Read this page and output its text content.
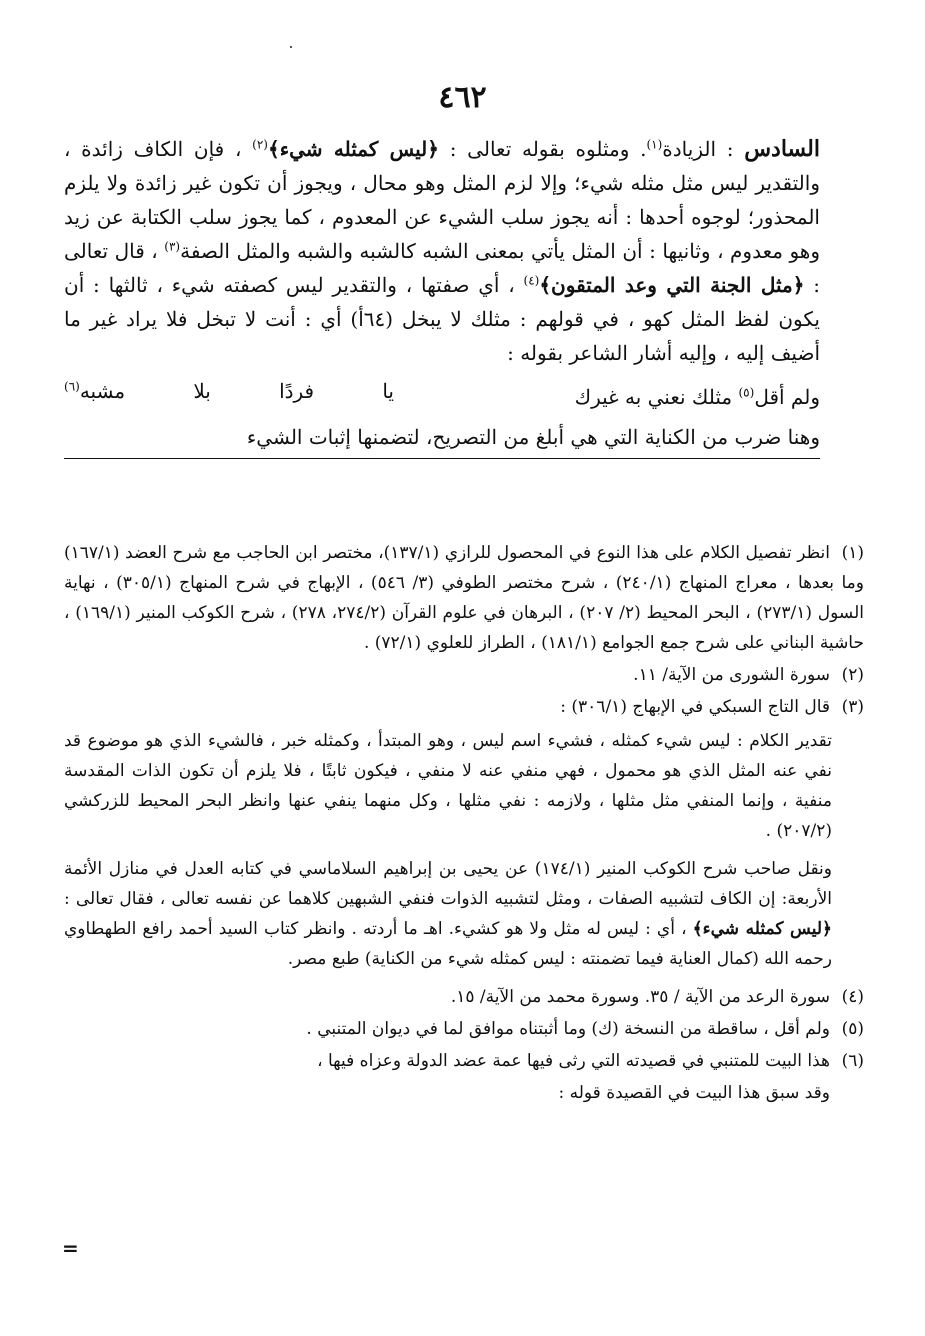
٤٦٢

السادس : الزيادة$^{(١)}$. ومثلوه بقوله تعالى : ﴿ليس كمثله شيء﴾$^{(٢)}$ ، فإن الكاف زائدة ، والتقدير ليس مثل مثله شيء؛ وإلا لزم المثل وهو محال ، ويجوز أن تكون غير زائدة ولا يلزم المحذور؛ لوجوه أحدها : أنه يجوز سلب الشيء عن المعدوم ، كما يجوز سلب الكتابة عن زيد وهو معدوم ، وثانيها : أن المثل يأتي بمعنى الشبه كالشبه والشبه والمثل الصفة$^{(٣)}$ ، قال تعالى : ﴿مثل الجنة التي وعد المتقون﴾$^{(٤)}$ ، أي صفتها ، والتقدير ليس كصفته شيء ، ثالثها : أن يكون لفظ المثل كهو ، في قولهم : مثلك لا يبخل (٦٤أ) أي : أنت لا تبخل فلا يراد غير ما أضيف إليه ، وإليه أشار الشاعر بقوله :

ولم أقل$^{(٥)}$ مثلك نعني به غيرك
يا فردًا بلا مشبه$^{(٦)}$

وهنا ضرب من الكناية التي هي أبلغ من التصريح، لتضمنها إثبات الشيء

(١)انظر تفصيل الكلام على هذا النوع في المحصول للرازي (١٣٧/١)، مختصر ابن الحاجب مع شرح العضد (١٦٧/١) وما بعدها ، معراج المنهاج (٢٤٠/١) ، شرح مختصر الطوفي (٣/ ٥٤٦) ، الإبهاج في شرح المنهاج (٣٠٥/١) ، نهاية السول (٢٧٣/١) ، البحر المحيط (٢/ ٢٠٧) ، البرهان في علوم القرآن (٢٧٤/٢، ٢٧٨) ، شرح الكوكب المنير (١٦٩/١) ، حاشية البناني على شرح جمع الجوامع (١٨١/١) ، الطراز للعلوي (٧٢/١) .

(٢)سورة الشورى من الآية/ ١١.

(٣)قال التاج السبكي في الإبهاج (٣٠٦/١) :

تقدير الكلام : ليس شيء كمثله ، فشيء اسم ليس ، وهو المبتدأ ، وكمثله خبر ، فالشيء الذي هو موضوع قد نفي عنه المثل الذي هو محمول ، فهي منفي عنه لا منفي ، فيكون ثابتًا ، فلا يلزم أن تكون الذات المقدسة منفية ، وإنما المنفي مثل مثلها ، ولازمه : نفي مثلها ، وكل منهما ينفي عنها وانظر البحر المحيط للزركشي (٢٠٧/٢) .

ونقل صاحب شرح الكوكب المنير (١٧٤/١) عن يحيى بن إبراهيم السلاماسي في كتابه العدل في منازل الأئمة الأربعة: إن الكاف لتشبيه الصفات ، ومثل لتشبيه الذوات فنفي الشبهين كلاهما عن نفسه تعالى ، فقال تعالى : ﴿ليس كمثله شيء﴾ ، أي : ليس له مثل ولا هو كشيء. اهـ ما أردته . وانظر كتاب السيد أحمد رافع الطهطاوي رحمه الله (كمال العناية فيما تضمنته : ليس كمثله شيء من الكناية) طبع مصر.

(٤)سورة الرعد من الآية / ٣٥. وسورة محمد من الآية/ ١٥.

(٥)ولم أقل ، ساقطة من النسخة (ك) وما أثبتناه موافق لما في ديوان المتنبي .

(٦)هذا البيت للمتنبي في قصيدته التي رثى فيها عمة عضد الدولة وعزاه فيها ،

وقد سبق هذا البيت في القصيدة قوله :

=
